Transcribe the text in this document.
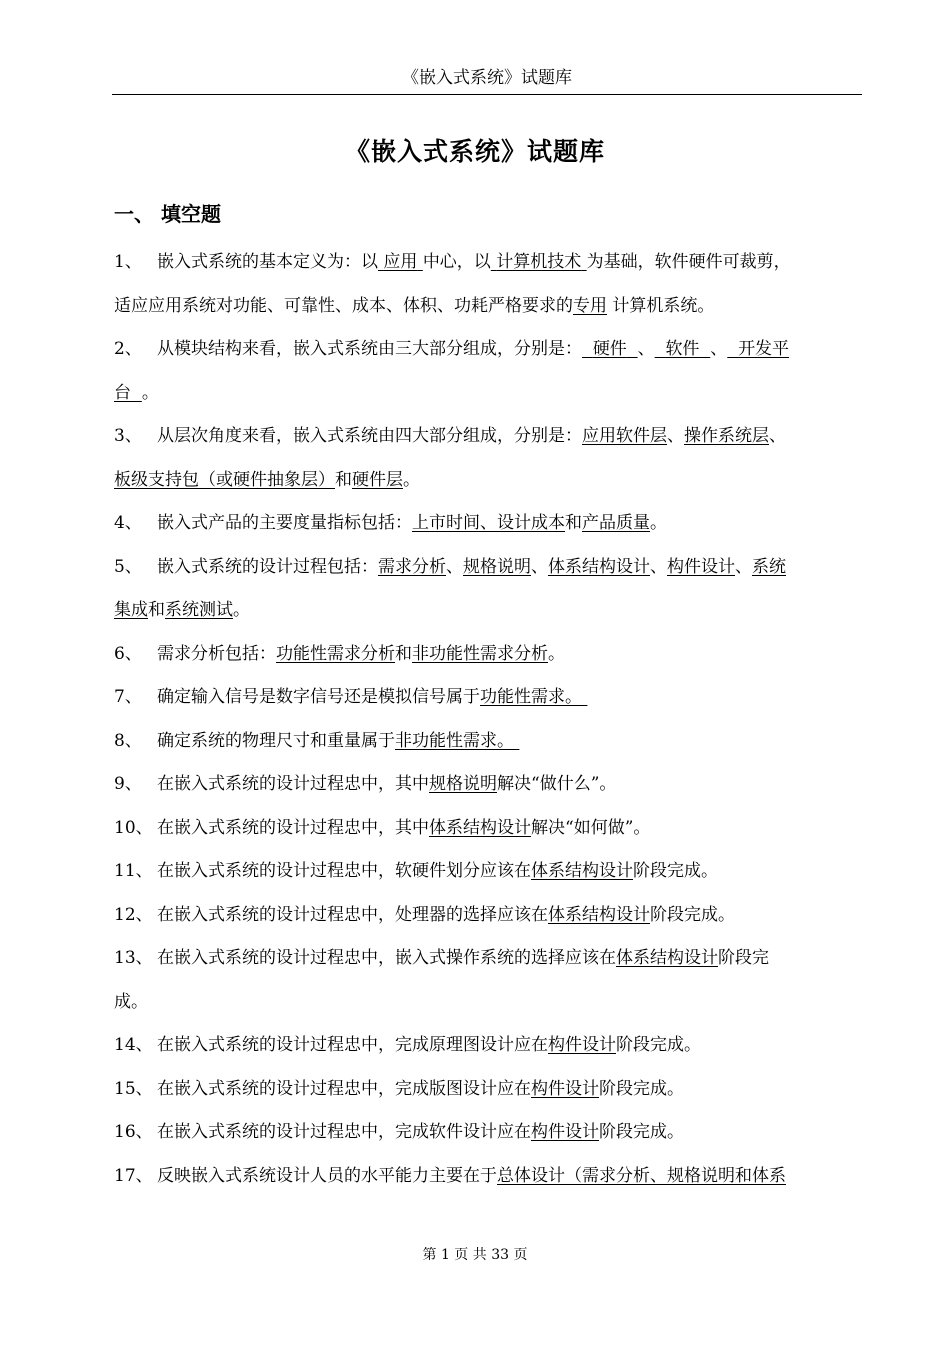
《嵌入式系统》试题库
《嵌入式系统》试题库
一、 填空题

1、 嵌入式系统的基本定义为：以 应用 中心，以 计算机技术 为基础，软件硬件可裁剪，
适应应用系统对功能、可靠性、成本、体积、功耗严格要求的专用 计算机系统。

2、 从模块结构来看，嵌入式系统由三大部分组成，分别是： 硬件 、 软件 、 开发平
台 。

3、 从层次角度来看，嵌入式系统由四大部分组成，分别是：应用软件层、操作系统层、
板级支持包（或硬件抽象层）和硬件层。

4、 嵌入式产品的主要度量指标包括：上市时间、设计成本和产品质量。

5、 嵌入式系统的设计过程包括：需求分析、规格说明、体系结构设计、构件设计、系统
集成和系统测试。

6、 需求分析包括：功能性需求分析和非功能性需求分析。

7、 确定输入信号是数字信号还是模拟信号属于功能性需求。

8、 确定系统的物理尺寸和重量属于非功能性需求。

9、 在嵌入式系统的设计过程忠中，其中规格说明解决“做什么”。

10、 在嵌入式系统的设计过程忠中，其中体系结构设计解决“如何做”。

11、 在嵌入式系统的设计过程忠中，软硬件划分应该在体系结构设计阶段完成。

12、 在嵌入式系统的设计过程忠中，处理器的选择应该在体系结构设计阶段完成。

13、 在嵌入式系统的设计过程忠中，嵌入式操作系统的选择应该在体系结构设计阶段完
成。

14、 在嵌入式系统的设计过程忠中，完成原理图设计应在构件设计阶段完成。

15、 在嵌入式系统的设计过程忠中，完成版图设计应在构件设计阶段完成。

16、 在嵌入式系统的设计过程忠中，完成软件设计应在构件设计阶段完成。

17、 反映嵌入式系统设计人员的水平能力主要在于总体设计（需求分析、规格说明和体系

第 1 页 共 33 页
